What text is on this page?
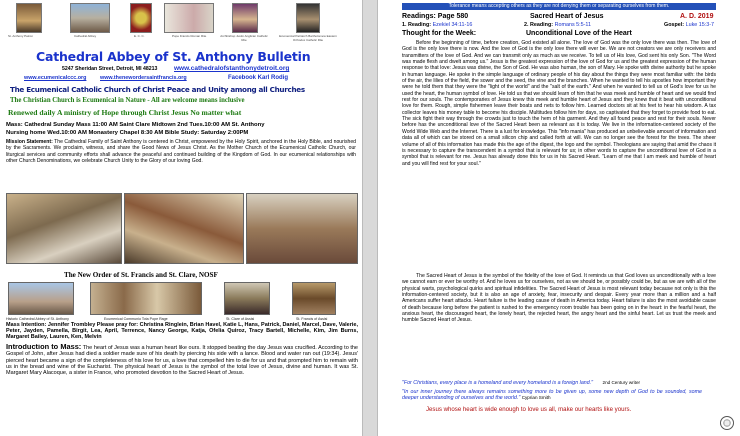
St. Anthony Patron	Cathedral Abbey	E. C. C.	Pope Francis Roman Rite	Archbishop Justin Anglican Catholic Rite
Ecumenical Patriarch Bartholomew Eastern Orthodox Catholic Rite
Cathedral Abbey of St. Anthony Bulletin
5247 Sheridan Street, Detroit, MI 48213	www.cathedralofstanthonydetroit.org
www.ecumenicalccc.org	www.thenewordersaintfrancis.org	Facebook Karl Rodig
The Ecumenical Catholic Church of Christ Peace and Unity among all Churches
The Christian Church is Ecumenical in Nature - All are welcome means inclusive
Renewed daily A ministry of Hope through Christ Jesus No matter what
Mass: Cathedral Sunday Mass 11:00 AM Saint Clare Midtown 2nd Tues.10:00 AM St. Anthony
Nursing home Wed.10:00 AM Monastery Chapel 8:30 AM Bible Study: Saturday 2:00PM
Mission Statement: The Cathedral Family of Saint Anthony is centered in Christ, empowered by the Holy Spirit, anchored in the Holy Bible, and nourished by the Sacraments. We proclaim, witness, and share the Good News of Jesus Christ. As the Mother Church of the Ecumenical Catholic Church, our liturgical services and community efforts shall advance the peaceful and continued building of the Kingdom of God. In our ecumenical relationships with other Church Denominations, we celebrate Church Unity to the Glory of our loving God.
The New Order of St. Francis and St. Clare, NOSF
Historic Cathedral Abbey of St. Anthony	Ecumenical Communio Tota Pope Rage	St. Clare of Assisi	St. Francis of Assisi
Mass Intention: Jennifer Trombley Please pray for: Christina Ringlein, Brian Havel, Katie L, Hans, Patrick, Daniel, Marcel, Dave, Valerie, Peter, Jayden, Pamella, Birgit, Lea, April, Terrence, Nancy George, Katja, Ofelia Quiroz, Tracy Bartell, Michelle, Kim, Jim Burns, Margaret Bailey, Lauren, Ken, Melvin
Introduction to Mass: The heart of Jesus was a human heart like ours. It stopped beating the day Jesus was crucified. According to the Gospel of John, after Jesus had died a soldier made sure of his death by piercing his side with a lance. Blood and water ran out (19:34). Jesus' pierced heart became a sign of the completeness of his love for us, a love that compelled him to die for us and that prompted him to remain with us in the bread and wine of the Eucharist. The physical heart of Jesus is the symbol of the total love of Jesus, divine and human. It was St. Margaret Mary Alacoque, a sister in France, who promoted devotion to the Sacred Heart of Jesus.
Tolerance means accepting others as they are not denying them or separating ourselves from them.
Readings: Page 580	Sacred Heart of Jesus	A. D. 2019
1. Reading: Ezekiel 34:11-16	2. Reading: Romans 5:5-11	Gospel: Luke 15:3-7
Thought for the Week:	Unconditional Love of the Heart
Before the beginning of time, before creation, God existed all alone. The love of God was the only love there was then. The love of God is the only love there is now. And the love of God is the only love there will ever be. We are not creators we are only receivers and transmitters of the love of God. And we can transmit only as much as we receive. To tell us of His love, God sent his only Son. "The Word was made flesh and dwelt among us." Jesus is the greatest expression of the love of God for us and the greatest expression of the human response to that love: Jesus was divine, the Son of God. He was also human, the son of Mary. He spoke with divine authority but he spoke in human language. He spoke in the simple language of ordinary people of his day about the things they were most familiar with: the birds of the air, the lilies of the field, the sower and the seed, the vine and the branches. When he wanted to tell his apostles how important they were he told them that they were the "light of the world" and the "salt of the earth." And when he wanted to tell us of God's love for us he used the heart, the human symbol of love. He told us that we should learn of him that he was meek and humble of heart and we would find rest for our souls. The contemporaries of Jesus knew this meek and humble heart of Jesus and they knew that it beat with unconditional love for them. Rough, simple fishermen leave their boats and nets to follow him. Learned doctors sit at his feet to hear his wisdom. A tax collector leaves his money table to become his disciple. Multitudes follow him for days, so captivated that they forget to provide food to eat. The sick fight their way through the crowds just to touch the hem of his garment. And they all found peace and rest for their souls. Never before has the unconditional love of the Sacred Heart been as relevant as it is today. We live in the information-centered society of the World Wide Web and the Internet. There is a lust for knowledge. This "info mania" has produced an unbelievable amount of information and data all of which can be stored on a small silicon chip and called forth at will. We can no longer see the forest for the trees. The sheer volume of all of this information has made this the age of the digest, the logo and the symbol. Theologians are saying that amid the chaos it is necessary to capture the transcendent in a symbol that is relevant for us; in other words to capture the unconditional love of God in a symbol that is relevant for me. Jesus has already done this for us in his Sacred Heart. "Learn of me that I am meek and humble of heart and you will find rest for your soul."
The Sacred Heart of Jesus is the symbol of the fidelity of the love of God. It reminds us that God loves us unconditionally with a love we cannot earn or ever be worthy of. And he loves us for ourselves, not as we should be, or possibly could be, but as we are with all of the physical warts, psychological quirks and spiritual infidelities. The Sacred Heart of Jesus is most relevant today because not only is this the information-centered society, but it is also an age of anxiety, fear, insecurity and despair. Every year more than a million and a half Americans suffer heart attacks. Heart failure is the leading cause of death in America today. Heart failure is also the most avoidable cause of death because long before the patient is rushed to the emergency room trouble has been going on in the heart: in the fearful heart, the anxious heart, the discouraged heart, the lonely heart, the rejected heart, the angry heart and the sinful heart. Let us trust the meek and humble Sacred Heart of Jesus.
"For Christians, every place is a homeland and every homeland is a foreign land." 2nd Century writer
"In our inner journey there always remains something more to be given up, some new depth of God to be sounded, some deeper understanding of ourselves and the world." Cyprian Smith
Jesus whose heart is wide enough to love us all, make our hearts like yours.
